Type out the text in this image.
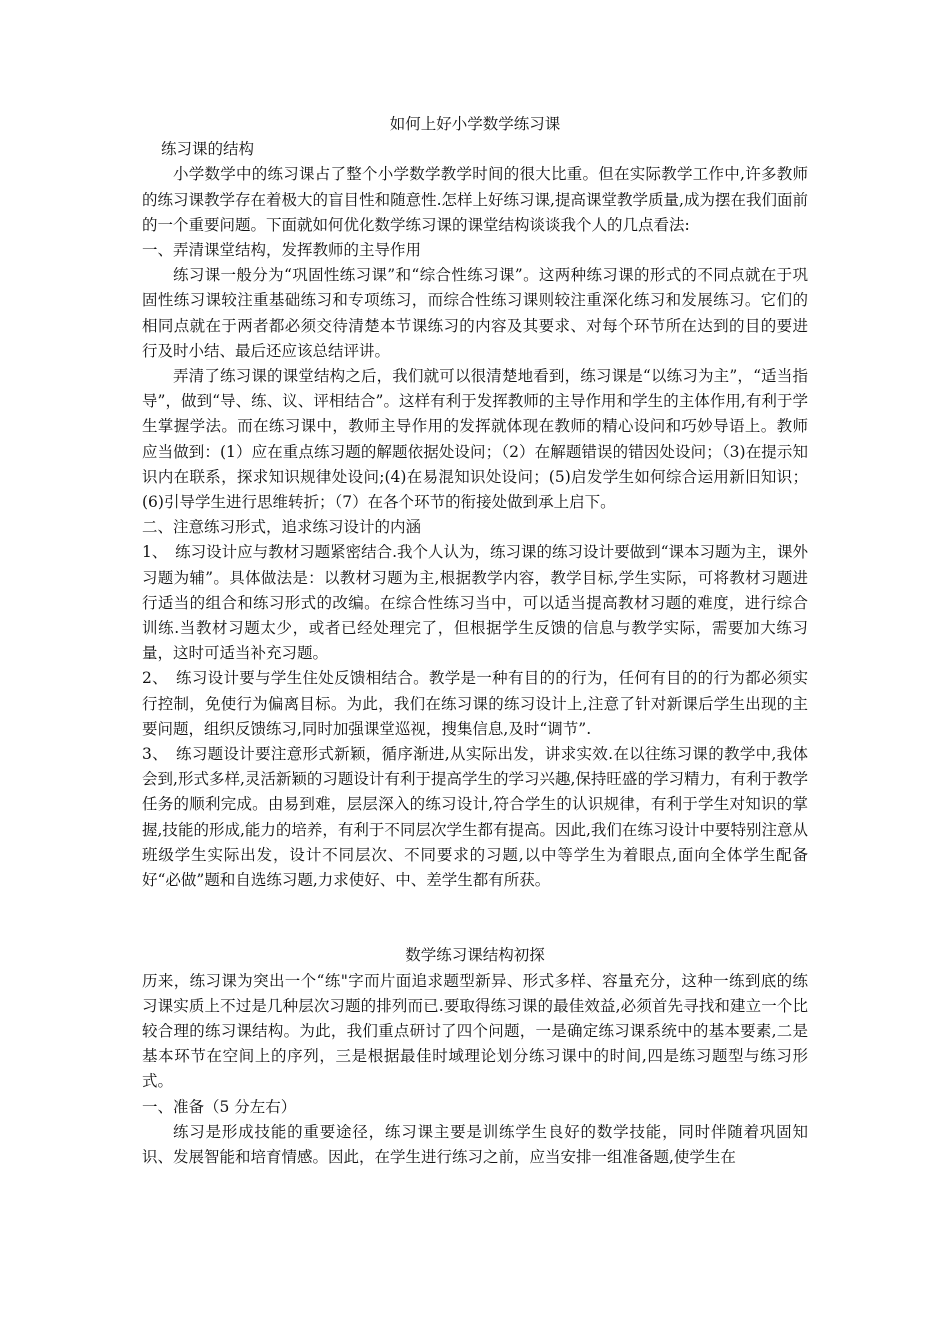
如何上好小学数学练习课

练习课的结构

小学数学中的练习课占了整个小学数学教学时间的很大比重。但在实际教学工作中,许多教师的练习课教学存在着极大的盲目性和随意性.怎样上好练习课,提高课堂教学质量,成为摆在我们面前的一个重要问题。下面就如何优化数学练习课的课堂结构谈谈我个人的几点看法:

一、弄清课堂结构，发挥教师的主导作用

练习课一般分为“巩固性练习课”和“综合性练习课”。这两种练习课的形式的不同点就在于巩固性练习课较注重基础练习和专项练习，而综合性练习课则较注重深化练习和发展练习。它们的相同点就在于两者都必须交待清楚本节课练习的内容及其要求、对每个环节所在达到的目的要进行及时小结、最后还应该总结评讲。

弄清了练习课的课堂结构之后，我们就可以很清楚地看到，练习课是“以练习为主”，“适当指导”，做到“导、练、议、评相结合”。这样有利于发挥教师的主导作用和学生的主体作用,有利于学生掌握学法。而在练习课中，教师主导作用的发挥就体现在教师的精心设问和巧妙导语上。教师应当做到：(1）应在重点练习题的解题依据处设问；（2）在解题错误的错因处设问；（3)在提示知识内在联系，探求知识规律处设问;(4)在易混知识处设问；(5)启发学生如何综合运用新旧知识；(6)引导学生进行思维转折；（7）在各个环节的衔接处做到承上启下。

二、注意练习形式，追求练习设计的内涵

1、　练习设计应与教材习题紧密结合.我个人认为，练习课的练习设计要做到“课本习题为主，课外习题为辅”。具体做法是：以教材习题为主,根据教学内容，教学目标,学生实际，可将教材习题进行适当的组合和练习形式的改编。在综合性练习当中，可以适当提高教材习题的难度，进行综合训练.当教材习题太少，或者已经处理完了，但根据学生反馈的信息与教学实际，需要加大练习量，这时可适当补充习题。

2、　练习设计要与学生住处反馈相结合。教学是一种有目的的行为，任何有目的的行为都必须实行控制，免使行为偏离目标。为此，我们在练习课的练习设计上,注意了针对新课后学生出现的主要问题，组织反馈练习,同时加强课堂巡视，搜集信息,及时“调节”.

3、　练习题设计要注意形式新颖，循序渐进,从实际出发，讲求实效.在以往练习课的教学中,我体会到,形式多样,灵活新颖的习题设计有利于提高学生的学习兴趣,保持旺盛的学习精力，有利于教学任务的顺利完成。由易到难，层层深入的练习设计,符合学生的认识规律，有利于学生对知识的掌握,技能的形成,能力的培养，有利于不同层次学生都有提高。因此,我们在练习设计中要特别注意从班级学生实际出发，设计不同层次、不同要求的习题,以中等学生为着眼点,面向全体学生配备好“必做”题和自选练习题,力求使好、中、差学生都有所获。

数学练习课结构初探

历来，练习课为突出一个“练"字而片面追求题型新异、形式多样、容量充分，这种一练到底的练习课实质上不过是几种层次习题的排列而已.要取得练习课的最佳效益,必须首先寻找和建立一个比较合理的练习课结构。为此，我们重点研讨了四个问题，一是确定练习课系统中的基本要素,二是基本环节在空间上的序列，三是根据最佳时域理论划分练习课中的时间,四是练习题型与练习形式。

一、准备（5 分左右）

练习是形成技能的重要途径，练习课主要是训练学生良好的数学技能，同时伴随着巩固知识、发展智能和培育情感。因此，在学生进行练习之前，应当安排一组准备题,使学生在
